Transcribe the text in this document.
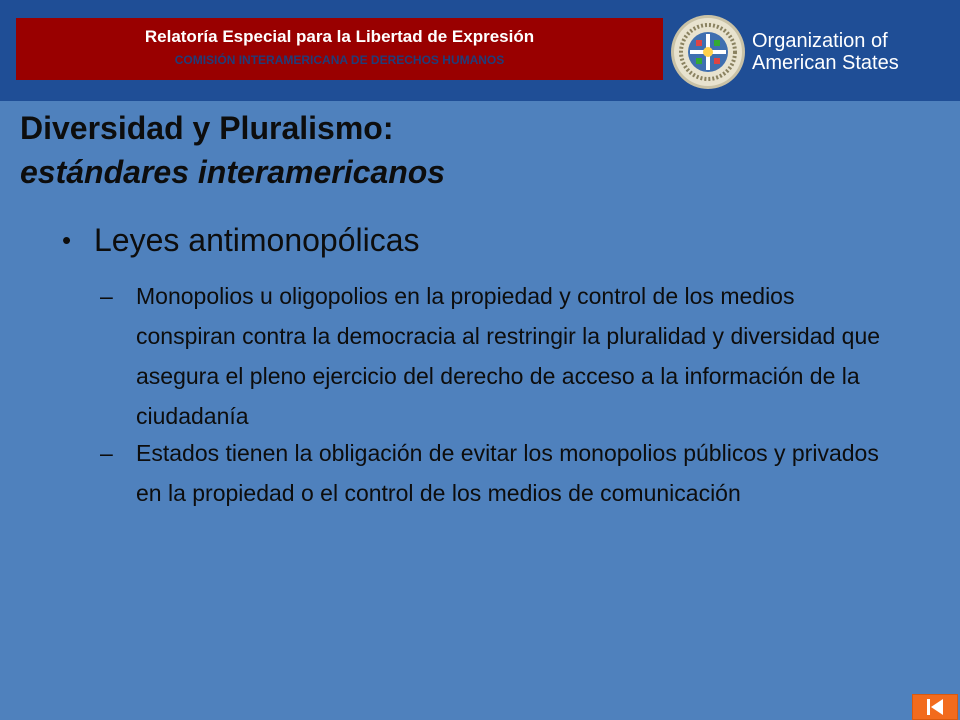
Relatoría Especial para la Libertad de Expresión
COMISIÓN INTERAMERICANA DE DERECHOS HUMANOS
Organization of
American States
Diversidad y Pluralismo:
estándares interamericanos
• Leyes antimonopólicas
– Monopolios u oligopolios en la propiedad y control de los medios conspiran contra la democracia al restringir la pluralidad y diversidad que asegura el pleno ejercicio del derecho de acceso a la información de la ciudadanía
– Estados tienen la obligación de evitar los monopolios públicos y privados en la propiedad o el control de los medios de comunicación
